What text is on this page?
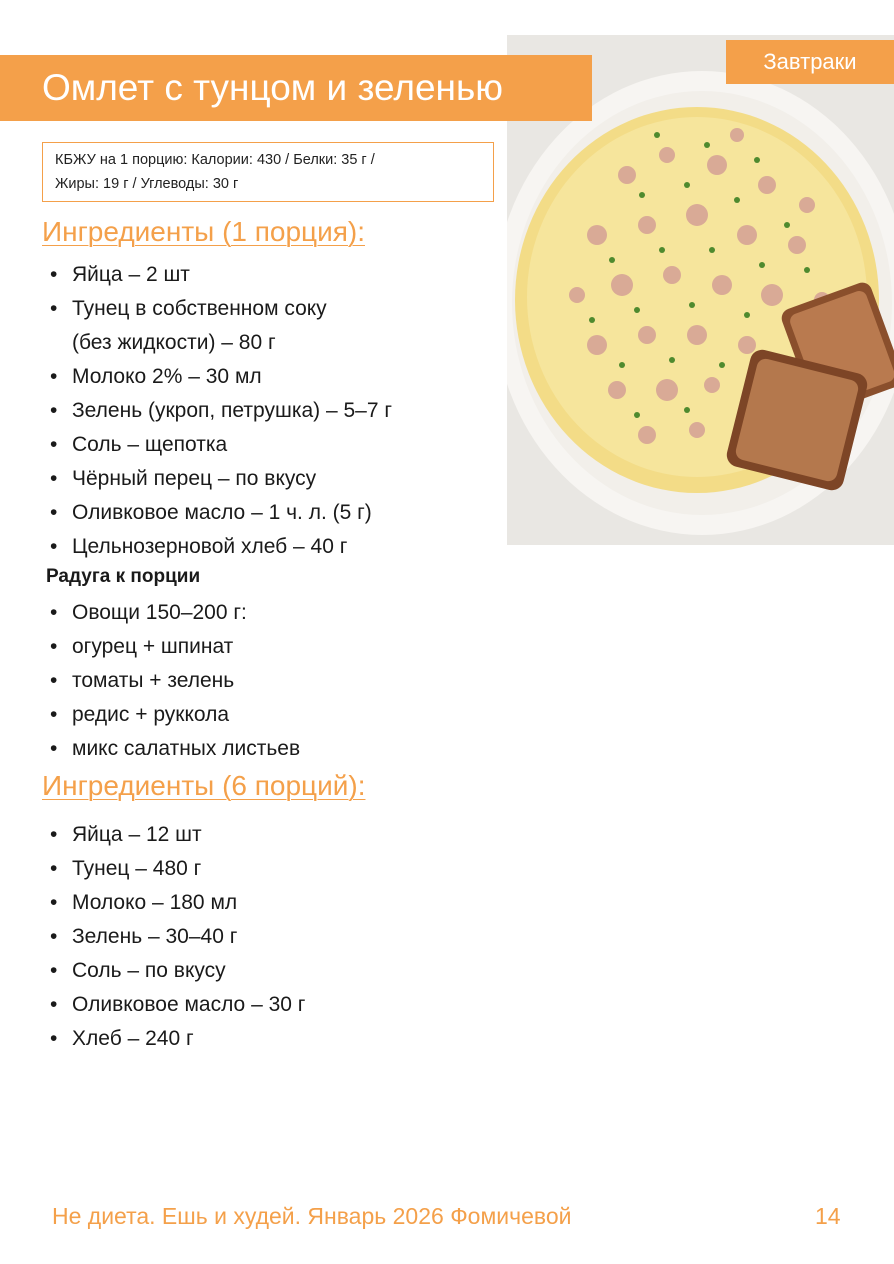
Завтраки
Омлет с тунцом и зеленью
КБЖУ на 1 порцию: Калории: 430 / Белки: 35 г /
Жиры: 19 г / Углеводы: 30 г
Ингредиенты (1 порция):
• Яйца – 2 шт
• Тунец в собственном соку
(без жидкости) – 80 г
• Молоко 2% – 30 мл
• Зелень (укроп, петрушка) – 5–7 г
• Соль – щепотка
• Чёрный перец – по вкусу
• Оливковое масло – 1 ч. л. (5 г)
• Цельнозерновой хлеб – 40 г
Радуга к порции
• Овощи 150–200 г:
• огурец + шпинат
• томаты + зелень
• редис + руккола
• микс салатных листьев
Ингредиенты (6 порций):
• Яйца – 12 шт
• Тунец – 480 г
• Молоко – 180 мл
• Зелень – 30–40 г
• Соль – по вкусу
• Оливковое масло – 30 г
• Хлеб – 240 г
Не диета. Ешь и худей. Январь 2026 Фомичевой	14
